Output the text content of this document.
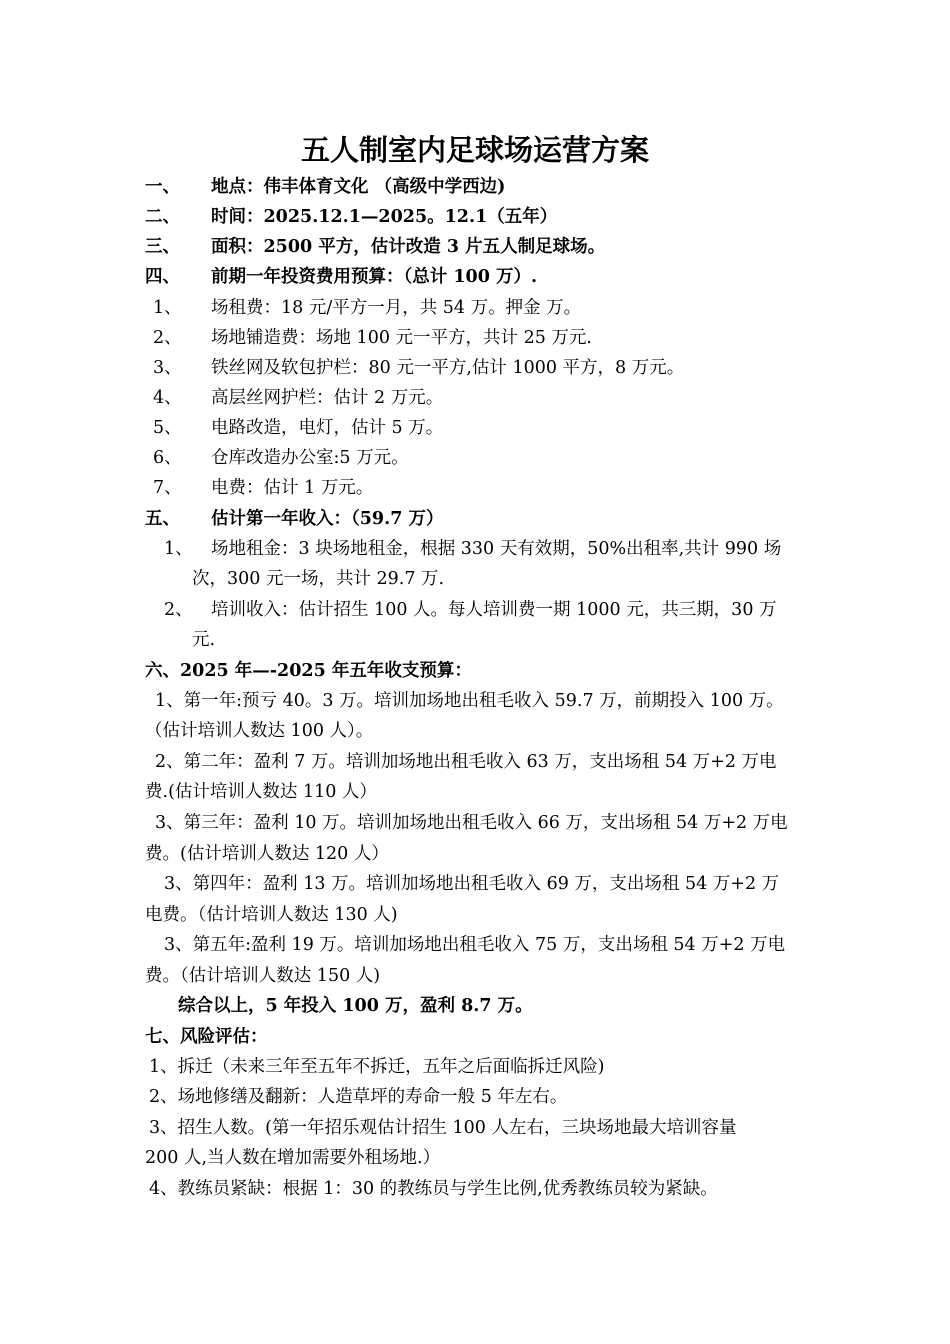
五人制室内足球场运营方案
一、 地点：伟丰体育文化 （高级中学西边)
二、 时间：2025.12.1—2025。12.1（五年）
三、 面积：2500 平方，估计改造 3 片五人制足球场。
四、 前期一年投资费用预算：（总计 100 万）.
1、 场租费：18 元/平方一月，共 54 万。押金 万。
2、 场地铺造费：场地 100 元一平方，共计 25 万元.
3、 铁丝网及软包护栏：80 元一平方,估计 1000 平方，8 万元。
4、 高层丝网护栏：估计 2 万元。
5、 电路改造，电灯，估计 5 万。
6、 仓库改造办公室:5 万元。
7、 电费：估计 1 万元。
五、 估计第一年收入：（59.7 万）
1、 场地租金：3 块场地租金，根据 330 天有效期，50%出租率,共计 990 场
次，300 元一场，共计 29.7 万.
2、 培训收入：估计招生 100 人。每人培训费一期 1000 元，共三期，30 万
元.
六、2025 年—-2025 年五年收支预算：
1、第一年:预亏 40。3 万。培训加场地出租毛收入 59.7 万，前期投入 100 万。
（估计培训人数达 100 人）。
2、第二年：盈利 7 万。培训加场地出租毛收入 63 万，支出场租 54 万+2 万电
费.(估计培训人数达 110 人）
3、第三年：盈利 10 万。培训加场地出租毛收入 66 万，支出场租 54 万+2 万电
费。(估计培训人数达 120 人）
3、第四年：盈利 13 万。培训加场地出租毛收入 69 万，支出场租 54 万+2 万
电费。（估计培训人数达 130 人)
3、第五年:盈利 19 万。培训加场地出租毛收入 75 万，支出场租 54 万+2 万电
费。（估计培训人数达 150 人)
综合以上，5 年投入 100 万，盈利 8.7 万。
七、风险评估：
1、拆迁（未来三年至五年不拆迁，五年之后面临拆迁风险)
2、场地修缮及翻新：人造草坪的寿命一般 5 年左右。
3、招生人数。(第一年招乐观估计招生 100 人左右，三块场地最大培训容量
200 人,当人数在增加需要外租场地.）
4、教练员紧缺：根据 1：30 的教练员与学生比例,优秀教练员较为紧缺。
